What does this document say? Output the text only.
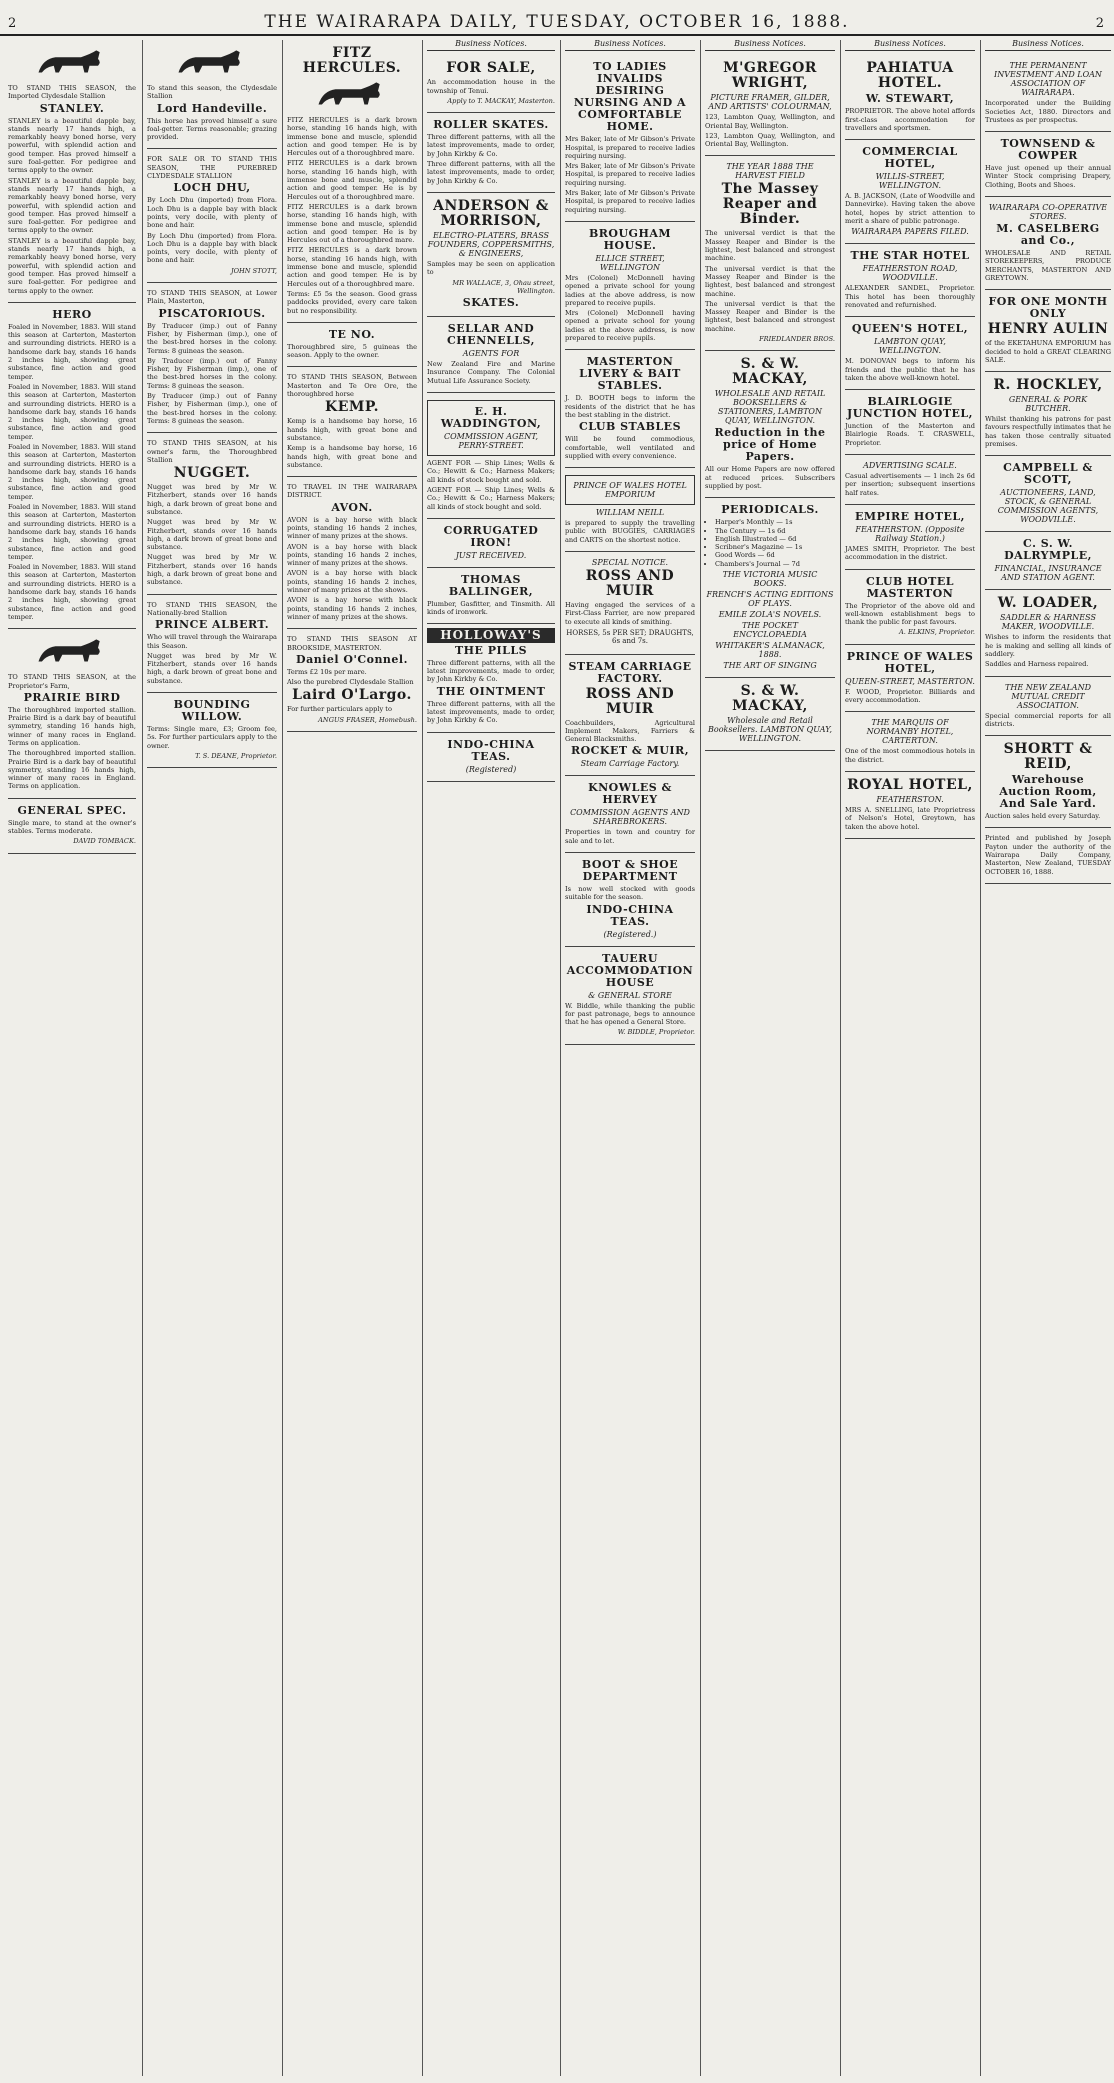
2	THE WAIRARAPA DAILY, TUESDAY, OCTOBER 16, 1888.	2

TO STAND THIS SEASON, the Imported Clydesdale Stallion

STANLEY.

STANLEY is a beautiful dapple bay, stands nearly 17 hands high, a remarkably heavy boned horse, very powerful, with splendid action and good temper. Has proved himself a sure foal-getter. For pedigree and terms apply to the owner.

STANLEY is a beautiful dapple bay, stands nearly 17 hands high, a remarkably heavy boned horse, very powerful, with splendid action and good temper. Has proved himself a sure foal-getter. For pedigree and terms apply to the owner.

STANLEY is a beautiful dapple bay, stands nearly 17 hands high, a remarkably heavy boned horse, very powerful, with splendid action and good temper. Has proved himself a sure foal-getter. For pedigree and terms apply to the owner.

HERO

Foaled in November, 1883. Will stand this season at Carterton, Masterton and surrounding districts. HERO is a handsome dark bay, stands 16 hands 2 inches high, showing great substance, fine action and good temper.

Foaled in November, 1883. Will stand this season at Carterton, Masterton and surrounding districts. HERO is a handsome dark bay, stands 16 hands 2 inches high, showing great substance, fine action and good temper.

Foaled in November, 1883. Will stand this season at Carterton, Masterton and surrounding districts. HERO is a handsome dark bay, stands 16 hands 2 inches high, showing great substance, fine action and good temper.

Foaled in November, 1883. Will stand this season at Carterton, Masterton and surrounding districts. HERO is a handsome dark bay, stands 16 hands 2 inches high, showing great substance, fine action and good temper.

Foaled in November, 1883. Will stand this season at Carterton, Masterton and surrounding districts. HERO is a handsome dark bay, stands 16 hands 2 inches high, showing great substance, fine action and good temper.

TO STAND THIS SEASON, at the Proprietor's Farm,

PRAIRIE BIRD

The thoroughbred imported stallion. Prairie Bird is a dark bay of beautiful symmetry, standing 16 hands high, winner of many races in England. Terms on application.

The thoroughbred imported stallion. Prairie Bird is a dark bay of beautiful symmetry, standing 16 hands high, winner of many races in England. Terms on application.

GENERAL SPEC.

Single mare, to stand at the owner's stables. Terms moderate.

DAVID TOMBACK.

To stand this season, the Clydesdale Stallion

Lord Handeville.

This horse has proved himself a sure foal-getter. Terms reasonable; grazing provided.

FOR SALE OR TO STAND THIS SEASON, THE PUREBRED CLYDESDALE STALLION

LOCH DHU,

By Loch Dhu (imported) from Flora. Loch Dhu is a dapple bay with black points, very docile, with plenty of bone and hair.

By Loch Dhu (imported) from Flora. Loch Dhu is a dapple bay with black points, very docile, with plenty of bone and hair.

JOHN STOTT,

TO STAND THIS SEASON, at Lower Plain, Masterton,

PISCATORIOUS.

By Traducer (imp.) out of Fanny Fisher, by Fisherman (imp.), one of the best-bred horses in the colony. Terms: 8 guineas the season.

By Traducer (imp.) out of Fanny Fisher, by Fisherman (imp.), one of the best-bred horses in the colony. Terms: 8 guineas the season.

By Traducer (imp.) out of Fanny Fisher, by Fisherman (imp.), one of the best-bred horses in the colony. Terms: 8 guineas the season.

TO STAND THIS SEASON, at his owner's farm, the Thoroughbred Stallion

NUGGET.

Nugget was bred by Mr W. Fitzherbert, stands over 16 hands high, a dark brown of great bone and substance.

Nugget was bred by Mr W. Fitzherbert, stands over 16 hands high, a dark brown of great bone and substance.

Nugget was bred by Mr W. Fitzherbert, stands over 16 hands high, a dark brown of great bone and substance.

TO STAND THIS SEASON, the Nationally-bred Stallion

PRINCE ALBERT.

Who will travel through the Wairarapa this Season.

Nugget was bred by Mr W. Fitzherbert, stands over 16 hands high, a dark brown of great bone and substance.

BOUNDING WILLOW.

Terms: Single mare, £3; Groom fee, 5s. For further particulars apply to the owner.

T. S. DEANE, Proprietor.

FITZ HERCULES.

FITZ HERCULES is a dark brown horse, standing 16 hands high, with immense bone and muscle, splendid action and good temper. He is by Hercules out of a thoroughbred mare.

FITZ HERCULES is a dark brown horse, standing 16 hands high, with immense bone and muscle, splendid action and good temper. He is by Hercules out of a thoroughbred mare.

FITZ HERCULES is a dark brown horse, standing 16 hands high, with immense bone and muscle, splendid action and good temper. He is by Hercules out of a thoroughbred mare.

FITZ HERCULES is a dark brown horse, standing 16 hands high, with immense bone and muscle, splendid action and good temper. He is by Hercules out of a thoroughbred mare.

Terms: £5 5s the season. Good grass paddocks provided, every care taken but no responsibility.

TE NO.

Thoroughbred sire, 5 guineas the season. Apply to the owner.

TO STAND THIS SEASON, Between Masterton and Te Ore Ore, the thoroughbred horse

KEMP.

Kemp is a handsome bay horse, 16 hands high, with great bone and substance.

Kemp is a handsome bay horse, 16 hands high, with great bone and substance.

TO TRAVEL IN THE WAIRARAPA DISTRICT.

AVON.

AVON is a bay horse with black points, standing 16 hands 2 inches, winner of many prizes at the shows.

AVON is a bay horse with black points, standing 16 hands 2 inches, winner of many prizes at the shows.

AVON is a bay horse with black points, standing 16 hands 2 inches, winner of many prizes at the shows.

AVON is a bay horse with black points, standing 16 hands 2 inches, winner of many prizes at the shows.

TO STAND THIS SEASON AT BROOKSIDE, MASTERTON.

Daniel O'Connel.

Terms £2 10s per mare.

Also the purebred Clydesdale Stallion

Laird O'Largo.

For further particulars apply to

ANGUS FRASER, Homebush.

Business Notices.
FOR SALE,

An accommodation house in the township of Tenui.

Apply to T. MACKAY, Masterton.

ROLLER SKATES.

Three different patterns, with all the latest improvements, made to order, by John Kirkby & Co.

Three different patterns, with all the latest improvements, made to order, by John Kirkby & Co.

ANDERSON & MORRISON,
ELECTRO-PLATERS, BRASS FOUNDERS, COPPERSMITHS, & ENGINEERS,

Samples may be seen on application to

MR WALLACE, 3, Ohau street, Wellington.

SKATES.
SELLAR AND CHENNELLS,
AGENTS FOR

New Zealand Fire and Marine Insurance Company. The Colonial Mutual Life Assurance Society.

E. H. WADDINGTON,
COMMISSION AGENT, PERRY-STREET.

AGENT FOR — Ship Lines; Wells & Co.; Hewitt & Co.; Harness Makers; all kinds of stock bought and sold.

AGENT FOR — Ship Lines; Wells & Co.; Hewitt & Co.; Harness Makers; all kinds of stock bought and sold.

CORRUGATED IRON!
JUST RECEIVED.
THOMAS BALLINGER,

Plumber, Gasfitter, and Tinsmith. All kinds of ironwork.

HOLLOWAY'S
THE PILLS

Three different patterns, with all the latest improvements, made to order, by John Kirkby & Co.

THE OINTMENT

Three different patterns, with all the latest improvements, made to order, by John Kirkby & Co.

INDO-CHINA TEAS.
(Registered)
Business Notices.
TO LADIES INVALIDS DESIRING NURSING AND A COMFORTABLE HOME.

Mrs Baker, late of Mr Gibson's Private Hospital, is prepared to receive ladies requiring nursing.

Mrs Baker, late of Mr Gibson's Private Hospital, is prepared to receive ladies requiring nursing.

Mrs Baker, late of Mr Gibson's Private Hospital, is prepared to receive ladies requiring nursing.

BROUGHAM HOUSE.
ELLICE STREET, WELLINGTON

Mrs (Colonel) McDonnell having opened a private school for young ladies at the above address, is now prepared to receive pupils.

Mrs (Colonel) McDonnell having opened a private school for young ladies at the above address, is now prepared to receive pupils.

MASTERTON LIVERY & BAIT STABLES.

J. D. BOOTH begs to inform the residents of the district that he has the best stabling in the district.

CLUB STABLES

Will be found commodious, comfortable, well ventilated and supplied with every convenience.

PRINCE OF WALES HOTEL EMPORIUM
WILLIAM NEILL

is prepared to supply the travelling public with BUGGIES, CARRIAGES and CARTS on the shortest notice.

SPECIAL NOTICE.
ROSS AND MUIR

Having engaged the services of a First-Class Farrier, are now prepared to execute all kinds of smithing.

HORSES, 5s PER SET; DRAUGHTS, 6s and 7s.

STEAM CARRIAGE FACTORY.
ROSS AND MUIR

Coachbuilders, Agricultural Implement Makers, Farriers & General Blacksmiths.

ROCKET & MUIR,
Steam Carriage Factory.
KNOWLES & HERVEY
COMMISSION AGENTS AND SHAREBROKERS.

Properties in town and country for sale and to let.

BOOT & SHOE DEPARTMENT

Is now well stocked with goods suitable for the season.

INDO-CHINA TEAS.
(Registered.)
TAUERU ACCOMMODATION HOUSE
& GENERAL STORE

W. Biddle, while thanking the public for past patronage, begs to announce that he has opened a General Store.

W. BIDDLE, Proprietor.

Business Notices.
M'GREGOR WRIGHT,
PICTURE FRAMER, GILDER, AND ARTISTS' COLOURMAN,

123, Lambton Quay, Wellington, and Oriental Bay, Wellington.

123, Lambton Quay, Wellington, and Oriental Bay, Wellington.

THE YEAR 1888 THE HARVEST FIELD
The Massey Reaper and Binder.

The universal verdict is that the Massey Reaper and Binder is the lightest, best balanced and strongest machine.

The universal verdict is that the Massey Reaper and Binder is the lightest, best balanced and strongest machine.

The universal verdict is that the Massey Reaper and Binder is the lightest, best balanced and strongest machine.

FRIEDLANDER BROS.

S. & W. MACKAY,
WHOLESALE AND RETAIL BOOKSELLERS & STATIONERS, LAMBTON QUAY, WELLINGTON.
Reduction in the price of Home Papers.

All our Home Papers are now offered at reduced prices. Subscribers supplied by post.

PERIODICALS.
• Harper's Monthly — 1s
• The Century — 1s 6d
• English Illustrated — 6d
• Scribner's Magazine — 1s
• Good Words — 6d
• Chambers's Journal — 7d
THE VICTORIA MUSIC BOOKS.
FRENCH'S ACTING EDITIONS OF PLAYS.
EMILE ZOLA'S NOVELS.
THE POCKET ENCYCLOPAEDIA
WHITAKER'S ALMANACK, 1888.
THE ART OF SINGING
S. & W. MACKAY,
Wholesale and Retail Booksellers. LAMBTON QUAY, WELLINGTON.
Business Notices.
PAHIATUA HOTEL.
W. STEWART,

PROPRIETOR. The above hotel affords first-class accommodation for travellers and sportsmen.

COMMERCIAL HOTEL,
WILLIS-STREET, WELLINGTON.

A. B. JACKSON, (Late of Woodville and Dannevirke). Having taken the above hotel, hopes by strict attention to merit a share of public patronage.

WAIRARAPA PAPERS FILED.
THE STAR HOTEL
FEATHERSTON ROAD, WOODVILLE.

ALEXANDER SANDEL, Proprietor. This hotel has been thoroughly renovated and refurnished.

QUEEN'S HOTEL,
LAMBTON QUAY, WELLINGTON.

M. DONOVAN begs to inform his friends and the public that he has taken the above well-known hotel.

BLAIRLOGIE JUNCTION HOTEL,

Junction of the Masterton and Blairlogie Roads. T. CRASWELL, Proprietor.

ADVERTISING SCALE.

Casual advertisements — 1 inch 2s 6d per insertion; subsequent insertions half rates.

EMPIRE HOTEL,
FEATHERSTON. (Opposite Railway Station.)

JAMES SMITH, Proprietor. The best accommodation in the district.

CLUB HOTEL MASTERTON

The Proprietor of the above old and well-known establishment begs to thank the public for past favours.

A. ELKINS, Proprietor.

PRINCE OF WALES HOTEL,
QUEEN-STREET, MASTERTON.

F. WOOD, Proprietor. Billiards and every accommodation.

THE MARQUIS OF NORMANBY HOTEL, CARTERTON.

One of the most commodious hotels in the district.

ROYAL HOTEL,
FEATHERSTON.

MRS A. SNELLING, late Proprietress of Nelson's Hotel, Greytown, has taken the above hotel.

Business Notices.
THE PERMANENT INVESTMENT AND LOAN ASSOCIATION OF WAIRARAPA.

Incorporated under the Building Societies Act, 1880. Directors and Trustees as per prospectus.

TOWNSEND & COWPER

Have just opened up their annual Winter Stock comprising Drapery, Clothing, Boots and Shoes.

WAIRARAPA CO-OPERATIVE STORES.
M. CASELBERG and Co.,

WHOLESALE AND RETAIL STOREKEEPERS, PRODUCE MERCHANTS, MASTERTON AND GREYTOWN.

FOR ONE MONTH ONLY
HENRY AULIN

of the EKETAHUNA EMPORIUM has decided to hold a GREAT CLEARING SALE.

R. HOCKLEY,
GENERAL & PORK BUTCHER.

Whilst thanking his patrons for past favours respectfully intimates that he has taken those centrally situated premises.

CAMPBELL & SCOTT,
AUCTIONEERS, LAND, STOCK, & GENERAL COMMISSION AGENTS, WOODVILLE.
C. S. W. DALRYMPLE,
FINANCIAL, INSURANCE AND STATION AGENT.
W. LOADER,
SADDLER & HARNESS MAKER, WOODVILLE.

Wishes to inform the residents that he is making and selling all kinds of saddlery.

Saddles and Harness repaired.

THE NEW ZEALAND MUTUAL CREDIT ASSOCIATION.

Special commercial reports for all districts.

SHORTT & REID,
Warehouse Auction Room, And Sale Yard.

Auction sales held every Saturday.

Printed and published by Joseph Payton under the authority of the Wairarapa Daily Company, Masterton, New Zealand, TUESDAY OCTOBER 16, 1888.
